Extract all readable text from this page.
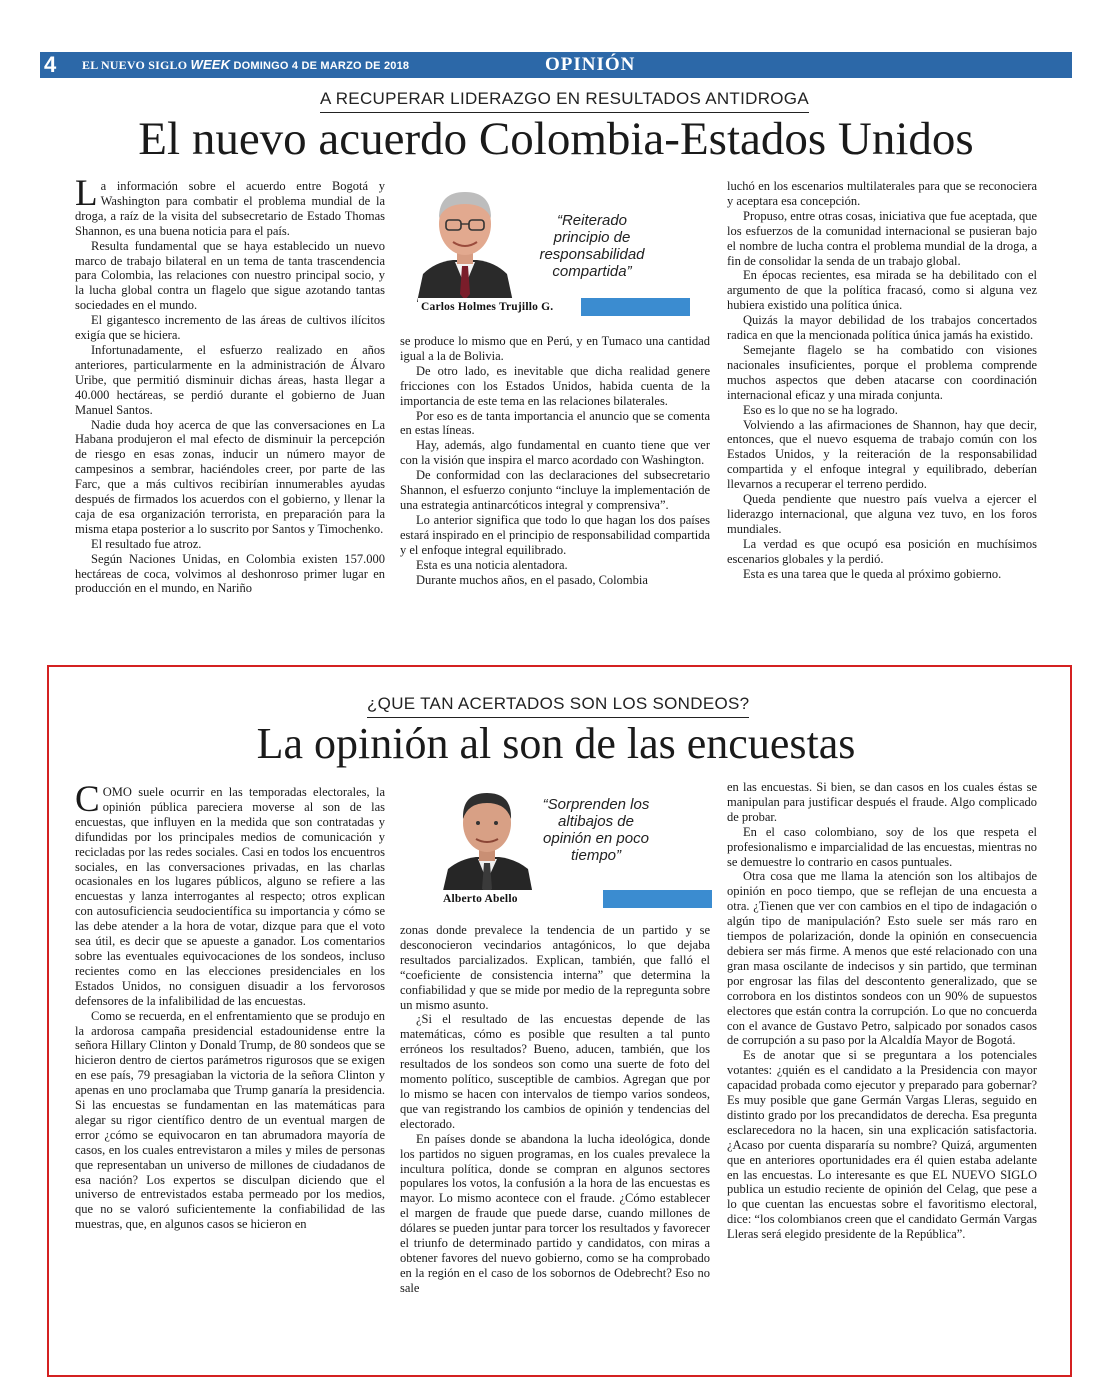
4 EL NUEVO SIGLO WEEK DOMINGO 4 DE MARZO DE 2018	OPINIÓN
A RECUPERAR LIDERAZGO EN RESULTADOS ANTIDROGA
El nuevo acuerdo Colombia-Estados Unidos

La información sobre el acuerdo entre Bogotá y Washington para combatir el problema mundial de la droga, a raíz de la visita del subsecretario de Estado Thomas Shannon, es una buena noticia para el país.

Resulta fundamental que se haya establecido un nuevo marco de trabajo bilateral en un tema de tanta trascendencia para Colombia, las relaciones con nuestro principal socio, y la lucha global contra un flagelo que sigue azotando tantas sociedades en el mundo.

El gigantesco incremento de las áreas de cultivos ilícitos exigía que se hiciera.

Infortunadamente, el esfuerzo realizado en años anteriores, particularmente en la administración de Álvaro Uribe, que permitió disminuir dichas áreas, hasta llegar a 40.000 hectáreas, se perdió durante el gobierno de Juan Manuel Santos.

Nadie duda hoy acerca de que las conversaciones en La Habana produjeron el mal efecto de disminuir la percepción de riesgo en esas zonas, inducir un número mayor de campesinos a sembrar, haciéndoles creer, por parte de las Farc, que a más cultivos recibirían innumerables ayudas después de firmados los acuerdos con el gobierno, y llenar la caja de esa organización terrorista, en preparación para la misma etapa posterior a lo suscrito por Santos y Timochenko.

El resultado fue atroz.

Según Naciones Unidas, en Colombia existen 157.000 hectáreas de coca, volvimos al deshonroso primer lugar en producción en el mundo, en Nariño

“Reiterado principio de responsabilidad compartida”
Carlos Holmes Trujillo G.

se produce lo mismo que en Perú, y en Tumaco una cantidad igual a la de Bolivia.

De otro lado, es inevitable que dicha realidad genere fricciones con los Estados Unidos, habida cuenta de la importancia de este tema en las relaciones bilaterales.

Por eso es de tanta importancia el anuncio que se comenta en estas líneas.

Hay, además, algo fundamental en cuanto tiene que ver con la visión que inspira el marco acordado con Washington.

De conformidad con las declaraciones del subsecretario Shannon, el esfuerzo conjunto “incluye la implementación de una estrategia antinarcóticos integral y comprensiva”.

Lo anterior significa que todo lo que hagan los dos países estará inspirado en el principio de responsabilidad compartida y el enfoque integral equilibrado.

Esta es una noticia alentadora.

Durante muchos años, en el pasado, Colombia

luchó en los escenarios multilaterales para que se reconociera y aceptara esa concepción.

Propuso, entre otras cosas, iniciativa que fue aceptada, que los esfuerzos de la comunidad internacional se pusieran bajo el nombre de lucha contra el problema mundial de la droga, a fin de consolidar la senda de un trabajo global.

En épocas recientes, esa mirada se ha debilitado con el argumento de que la política fracasó, como si alguna vez hubiera existido una política única.

Quizás la mayor debilidad de los trabajos concertados radica en que la mencionada política única jamás ha existido.

Semejante flagelo se ha combatido con visiones nacionales insuficientes, porque el problema comprende muchos aspectos que deben atacarse con coordinación internacional eficaz y una mirada conjunta.

Eso es lo que no se ha logrado.

Volviendo a las afirmaciones de Shannon, hay que decir, entonces, que el nuevo esquema de trabajo común con los Estados Unidos, y la reiteración de la responsabilidad compartida y el enfoque integral y equilibrado, deberían llevarnos a recuperar el terreno perdido.

Queda pendiente que nuestro país vuelva a ejercer el liderazgo internacional, que alguna vez tuvo, en los foros mundiales.

La verdad es que ocupó esa posición en muchísimos escenarios globales y la perdió.

Esta es una tarea que le queda al próximo gobierno.

¿QUE TAN ACERTADOS SON LOS SONDEOS?
La opinión al son de las encuestas

COMO suele ocurrir en las temporadas electorales, la opinión pública pareciera moverse al son de las encuestas, que influyen en la medida que son contratadas y difundidas por los principales medios de comunicación y recicladas por las redes sociales. Casi en todos los encuentros sociales, en las conversaciones privadas, en las charlas ocasionales en los lugares públicos, alguno se refiere a las encuestas y lanza interrogantes al respecto; otros explican con autosuficiencia seudocientífica su importancia y cómo se las debe atender a la hora de votar, dizque para que el voto sea útil, es decir que se apueste a ganador. Los comentarios sobre las eventuales equivocaciones de los sondeos, incluso recientes como en las elecciones presidenciales en los Estados Unidos, no consiguen disuadir a los fervorosos defensores de la infalibilidad de las encuestas.

Como se recuerda, en el enfrentamiento que se produjo en la ardorosa campaña presidencial estadounidense entre la señora Hillary Clinton y Donald Trump, de 80 sondeos que se hicieron dentro de ciertos parámetros rigurosos que se exigen en ese país, 79 presagiaban la victoria de la señora Clinton y apenas en uno proclamaba que Trump ganaría la presidencia. Si las encuestas se fundamentan en las matemáticas para alegar su rigor científico dentro de un eventual margen de error ¿cómo se equivocaron en tan abrumadora mayoría de casos, en los cuales entrevistaron a miles y miles de personas que representaban un universo de millones de ciudadanos de esa nación? Los expertos se disculpan diciendo que el universo de entrevistados estaba permeado por los medios, que no se valoró suficientemente la confiabilidad de las muestras, que, en algunos casos se hicieron en

“Sorprenden los altibajos de opinión en poco tiempo”
Alberto Abello

zonas donde prevalece la tendencia de un partido y se desconocieron vecindarios antagónicos, lo que dejaba resultados parcializados. Explican, también, que falló el “coeficiente de consistencia interna” que determina la confiabilidad y que se mide por medio de la repregunta sobre un mismo asunto.

¿Si el resultado de las encuestas depende de las matemáticas, cómo es posible que resulten a tal punto erróneos los resultados? Bueno, aducen, también, que los resultados de los sondeos son como una suerte de foto del momento político, susceptible de cambios. Agregan que por lo mismo se hacen con intervalos de tiempo varios sondeos, que van registrando los cambios de opinión y tendencias del electorado.

En países donde se abandona la lucha ideológica, donde los partidos no siguen programas, en los cuales prevalece la incultura política, donde se compran en algunos sectores populares los votos, la confusión a la hora de las encuestas es mayor. Lo mismo acontece con el fraude. ¿Cómo establecer el margen de fraude que puede darse, cuando millones de dólares se pueden juntar para torcer los resultados y favorecer el triunfo de determinado partido y candidatos, con miras a obtener favores del nuevo gobierno, como se ha comprobado en la región en el caso de los sobornos de Odebrecht? Eso no sale

en las encuestas. Si bien, se dan casos en los cuales éstas se manipulan para justificar después el fraude. Algo complicado de probar.

En el caso colombiano, soy de los que respeta el profesionalismo e imparcialidad de las encuestas, mientras no se demuestre lo contrario en casos puntuales.

Otra cosa que me llama la atención son los altibajos de opinión en poco tiempo, que se reflejan de una encuesta a otra. ¿Tienen que ver con cambios en el tipo de indagación o algún tipo de manipulación? Esto suele ser más raro en tiempos de polarización, donde la opinión en consecuencia debiera ser más firme. A menos que esté relacionado con una gran masa oscilante de indecisos y sin partido, que terminan por engrosar las filas del descontento generalizado, que se corrobora en los distintos sondeos con un 90% de supuestos electores que están contra la corrupción. Lo que no concuerda con el avance de Gustavo Petro, salpicado por sonados casos de corrupción a su paso por la Alcaldía Mayor de Bogotá.

Es de anotar que si se preguntara a los potenciales votantes: ¿quién es el candidato a la Presidencia con mayor capacidad probada como ejecutor y preparado para gobernar? Es muy posible que gane Germán Vargas Lleras, seguido en distinto grado por los precandidatos de derecha. Esa pregunta esclarecedora no la hacen, sin una explicación satisfactoria. ¿Acaso por cuenta dispararía su nombre? Quizá, argumenten que en anteriores oportunidades era él quien estaba adelante en las encuestas. Lo interesante es que EL NUEVO SIGLO publica un estudio reciente de opinión del Celag, que pese a lo que cuentan las encuestas sobre el favoritismo electoral, dice: “los colombianos creen que el candidato Germán Vargas Lleras será elegido presidente de la República”.
